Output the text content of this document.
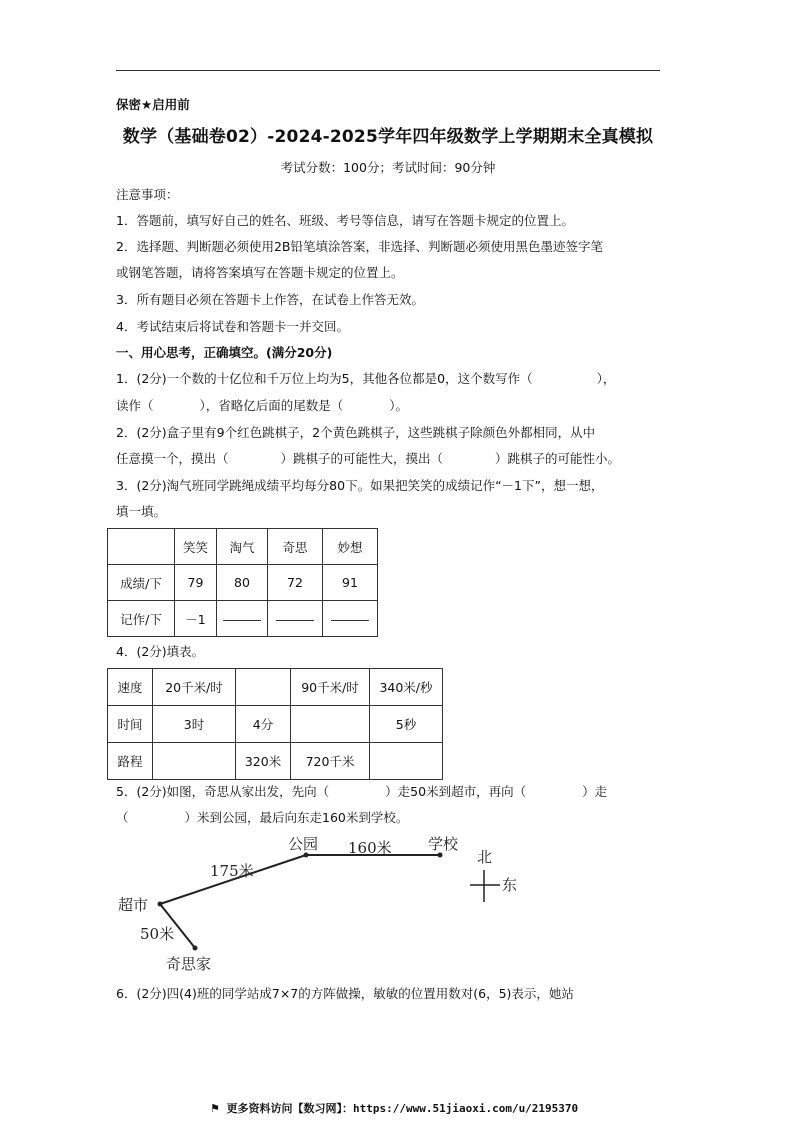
保密★启用前
数学（基础卷02）-2024-2025学年四年级数学上学期期末全真模拟
考试分数：100分；考试时间：90分钟
注意事项：
1．答题前，填写好自己的姓名、班级、考号等信息，请写在答题卡规定的位置上。
2．选择题、判断题必须使用2B铅笔填涂答案，非选择、判断题必须使用黑色墨迹签字笔
或钢笔答题，请将答案填写在答题卡规定的位置上。
3．所有题目必须在答题卡上作答，在试卷上作答无效。
4．考试结束后将试卷和答题卡一并交回。
一、用心思考，正确填空。(满分20分)
1．(2分)一个数的十亿位和千万位上均为5，其他各位都是0，这个数写作（	），
读作（	），省略亿后面的尾数是（	）。
2．(2分)盒子里有9个红色跳棋子，2个黄色跳棋子，这些跳棋子除颜色外都相同，从中
任意摸一个，摸出（	）跳棋子的可能性大，摸出（	）跳棋子的可能性小。
3．(2分)淘气班同学跳绳成绩平均每分80下。如果把笑笑的成绩记作“－1下”，想一想，
填一填。
	笑笑	淘气	奇思	妙想
成绩/下	79	80	72	91
记作/下	－1			
4．(2分)填表。
速度	20千米/时		90千米/时	340米/秒
时间	3时	4分		5秒
路程		320米	720千米	
5．(2分)如图，奇思从家出发，先向（	）走50米到超市，再向（	）走
（	）米到公园，最后向东走160米到学校。
公园	学校
160米
175米
超市
50米
奇思家
北
东
6．(2分)四(4)班的同学站成7×7的方阵做操，敏敏的位置用数对(6，5)表示，她站
⚑ 更多资料访问【数习网】：https://www.51jiaoxi.com/u/2195370
